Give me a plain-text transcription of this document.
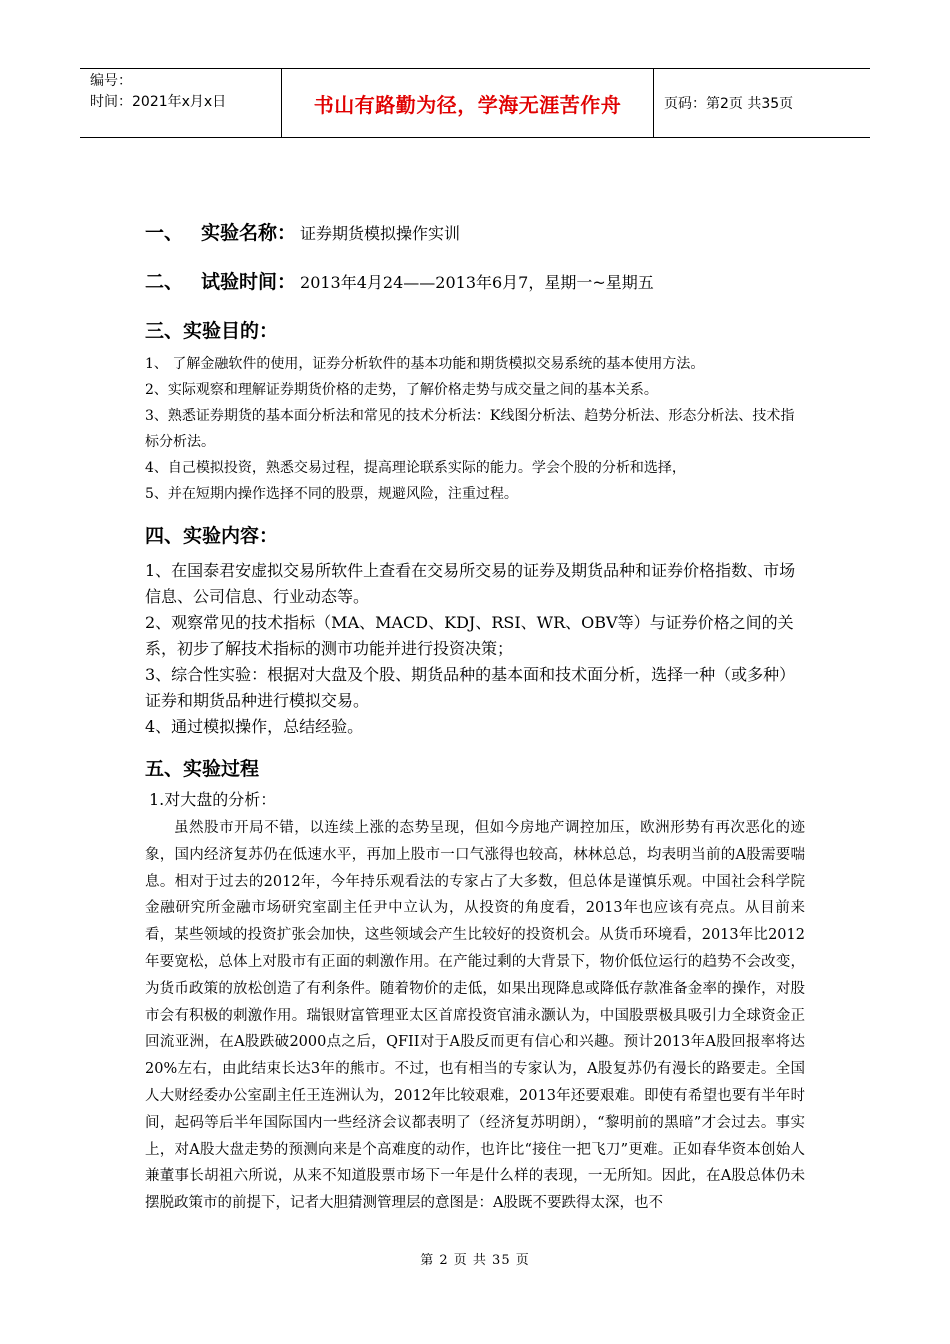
编号：
时间：2021年x月x日	书山有路勤为径，学海无涯苦作舟	页码：第2页 共35页
一、 实验名称： 证券期货模拟操作实训
二、 试验时间： 2013年4月24——2013年6月7，星期一~星期五

三、实验目的：

1、 了解金融软件的使用，证券分析软件的基本功能和期货模拟交易系统的基本使用方法。

2、实际观察和理解证券期货价格的走势，了解价格走势与成交量之间的基本关系。

3、熟悉证券期货的基本面分析法和常见的技术分析法：K线图分析法、趋势分析法、形态分析法、技术指标分析法。

4、自己模拟投资，熟悉交易过程，提高理论联系实际的能力。学会个股的分析和选择，

5、并在短期内操作选择不同的股票，规避风险，注重过程。

四、实验内容：

1、在国泰君安虚拟交易所软件上查看在交易所交易的证券及期货品种和证券价格指数、市场信息、公司信息、行业动态等。

2、观察常见的技术指标（MA、MACD、KDJ、RSI、WR、OBV等）与证券价格之间的关系，初步了解技术指标的测市功能并进行投资决策；

3、综合性实验：根据对大盘及个股、期货品种的基本面和技术面分析，选择一种（或多种）证券和期货品种进行模拟交易。

4、通过模拟操作，总结经验。

五、实验过程

1.对大盘的分析：

虽然股市开局不错，以连续上涨的态势呈现，但如今房地产调控加压，欧洲形势有再次恶化的迹象，国内经济复苏仍在低速水平，再加上股市一口气涨得也较高，林林总总，均表明当前的A股需要喘息。相对于过去的2012年，今年持乐观看法的专家占了大多数，但总体是谨慎乐观。中国社会科学院金融研究所金融市场研究室副主任尹中立认为，从投资的角度看，2013年也应该有亮点。从目前来看，某些领域的投资扩张会加快，这些领域会产生比较好的投资机会。从货币环境看，2013年比2012年要宽松，总体上对股市有正面的刺激作用。在产能过剩的大背景下，物价低位运行的趋势不会改变，为货币政策的放松创造了有利条件。随着物价的走低，如果出现降息或降低存款准备金率的操作，对股市会有积极的刺激作用。瑞银财富管理亚太区首席投资官浦永灏认为，中国股票极具吸引力全球资金正回流亚洲，在A股跌破2000点之后，QFII对于A股反而更有信心和兴趣。预计2013年A股回报率将达20%左右，由此结束长达3年的熊市。不过，也有相当的专家认为，A股复苏仍有漫长的路要走。全国人大财经委办公室副主任王连洲认为，2012年比较艰难，2013年还要艰难。即使有希望也要有半年时间，起码等后半年国际国内一些经济会议都表明了（经济复苏明朗），“黎明前的黑暗”才会过去。事实上，对A股大盘走势的预测向来是个高难度的动作，也许比“接住一把飞刀”更难。正如春华资本创始人兼董事长胡祖六所说，从来不知道股票市场下一年是什么样的表现，一无所知。因此，在A股总体仍未摆脱政策市的前提下，记者大胆猜测管理层的意图是：A股既不要跌得太深，也不

第 2 页 共 35 页
